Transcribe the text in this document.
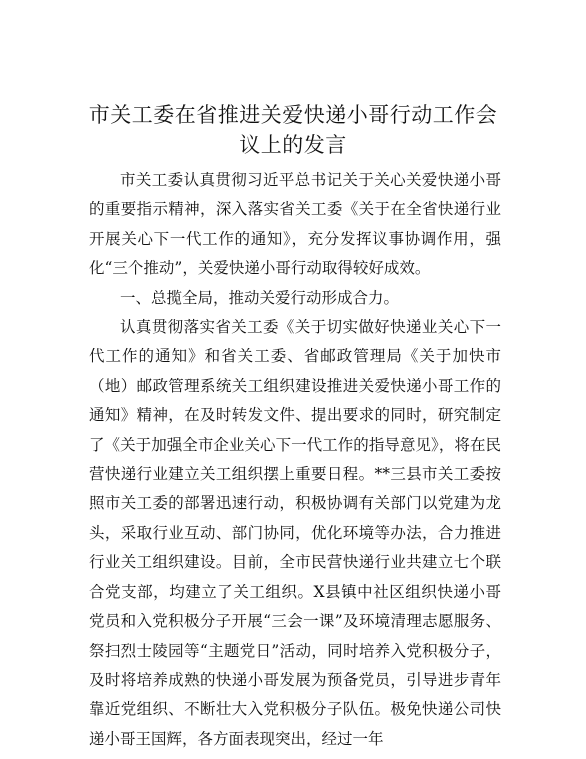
市关工委在省推进关爱快递小哥行动工作会议上的发言

市关工委认真贯彻习近平总书记关于关心关爱快递小哥的重要指示精神，深入落实省关工委《关于在全省快递行业开展关心下一代工作的通知》，充分发挥议事协调作用，强化“三个推动”，关爱快递小哥行动取得较好成效。

一、总揽全局，推动关爱行动形成合力。

认真贯彻落实省关工委《关于切实做好快递业关心下一代工作的通知》和省关工委、省邮政管理局《关于加快市（地）邮政管理系统关工组织建设推进关爱快递小哥工作的通知》精神，在及时转发文件、提出要求的同时，研究制定了《关于加强全市企业关心下一代工作的指导意见》，将在民营快递行业建立关工组织摆上重要日程。**三县市关工委按照市关工委的部署迅速行动，积极协调有关部门以党建为龙头，采取行业互动、部门协同，优化环境等办法，合力推进行业关工组织建设。目前，全市民营快递行业共建立七个联合党支部，均建立了关工组织。X县镇中社区组织快递小哥党员和入党积极分子开展“三会一课”及环境清理志愿服务、祭扫烈士陵园等“主题党日”活动，同时培养入党积极分子，及时将培养成熟的快递小哥发展为预备党员，引导进步青年靠近党组织、不断壮大入党积极分子队伍。极免快递公司快递小哥王国辉，各方面表现突出，经过一年
